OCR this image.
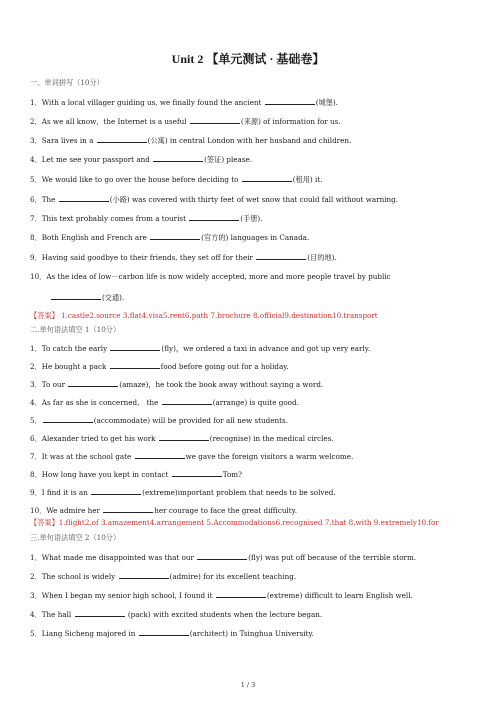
Unit 2 【单元测试 · 基础卷】
一、单词拼写（10分）
1．With a local villager guiding us, we finally found the ancient	(城堡).
2．As we all know，the Internet is a useful	(来源) of information for us.
3．Sara lives in a	(公寓) in central London with her husband and children.
4．Let me see your passport and	(签证) please.
5．We would like to go over the house before deciding to	(租用) it.
6．The	(小路) was covered with thirty feet of wet snow that could fall without warning.
7．This text probably comes from a tourist	(手册).
8．Both English and French are	(官方的) languages in Canada.
9．Having said goodbye to their friends, they set off for their	(目的地).
10．As the idea of low－carbon life is now widely accepted, more and more people travel by public
(交通).
【答案】 1.castle2.source 3.flat4.visa5.rent6.path 7.brochure 8.official9.destination10.transport
二.单句语法填空 1（10分）
1．To catch the early	(fly)，we ordered a taxi in advance and got up very early.
2．He bought a pack	food before going out for a holiday.
3．To our	(amaze)，he took the book away without saying a word.
4．As far as she is concerned,　the	(arrange) is quite good.
5．	(accommodate) will be provided for all new students.
6．Alexander tried to get his work	(recognise) in the medical circles.
7．It was at the school gate	we gave the foreign visitors a warm welcome.
8．How long have you kept in contact	Tom?
9．I find it is an	(extreme)important problem that needs to be solved.
10．We admire her	her courage to face the great difficulty.
【答案】1.flight2.of 3.amazement4.arrangement 5.Accommodations6.recognised 7.that 8.with 9.extremely10.for
三.单句语法填空 2（10分）
1．What made me disappointed was that our	(fly) was put off because of the terrible storm.
2．The school is widely	(admire) for its excellent teaching.
3．When I began my senior high school, I found it	(extreme) difficult to learn English well.
4．The hall	(pack) with excited students when the lecture began.
5．Liang Sicheng majored in	(architect) in Tsinghua University.
1 / 3
